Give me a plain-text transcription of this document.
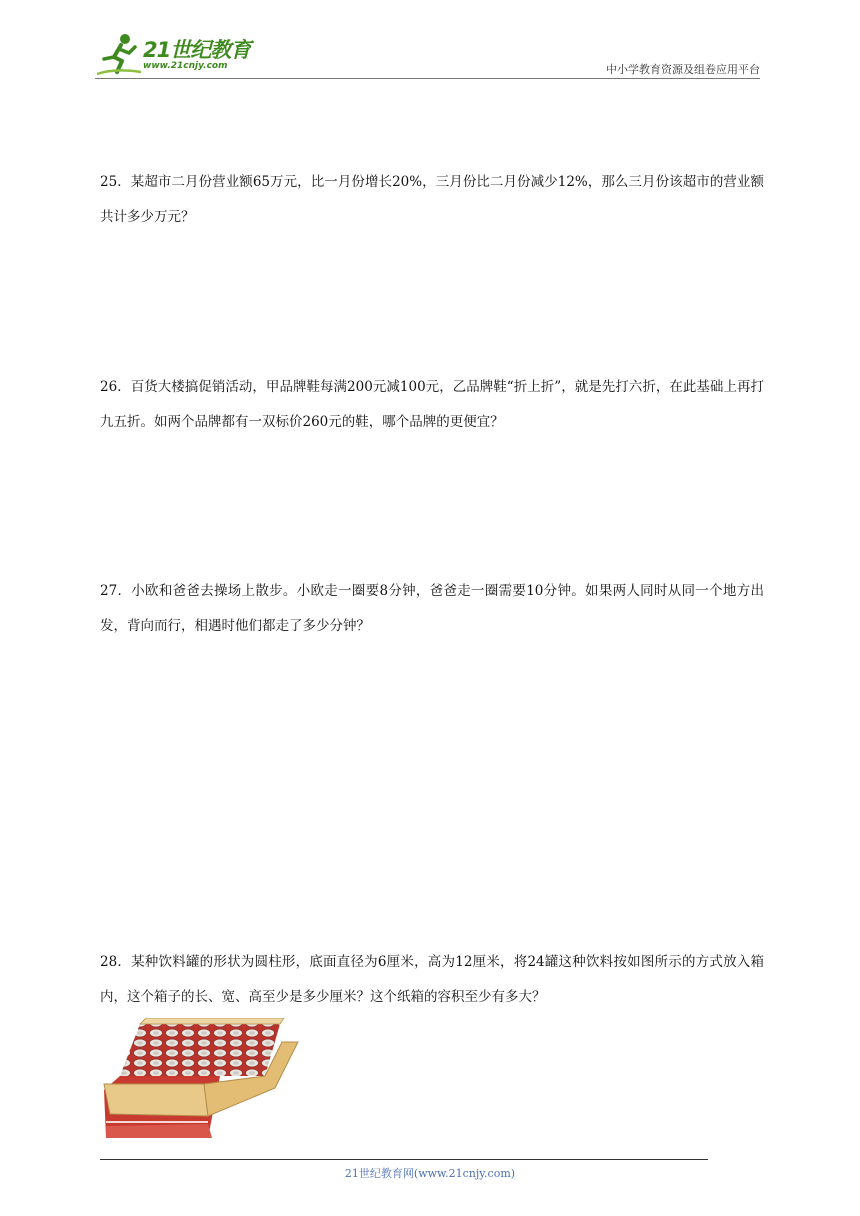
21世纪教育
www.21cnjy.com	中小学教育资源及组卷应用平台
25．某超市二月份营业额65万元，比一月份增长20%，三月份比二月份减少12%，那么三月份该超市的营业额共计多少万元？
26．百货大楼搞促销活动，甲品牌鞋每满200元减100元，乙品牌鞋“折上折”，就是先打六折，在此基础上再打九五折。如两个品牌都有一双标价260元的鞋，哪个品牌的更便宜？
27．小欧和爸爸去操场上散步。小欧走一圈要8分钟，爸爸走一圈需要10分钟。如果两人同时从同一个地方出发，背向而行，相遇时他们都走了多少分钟？
28．某种饮料罐的形状为圆柱形，底面直径为6厘米，高为12厘米，将24罐这种饮料按如图所示的方式放入箱内，这个箱子的长、宽、高至少是多少厘米？这个纸箱的容积至少有多大？
21世纪教育网(www.21cnjy.com)
